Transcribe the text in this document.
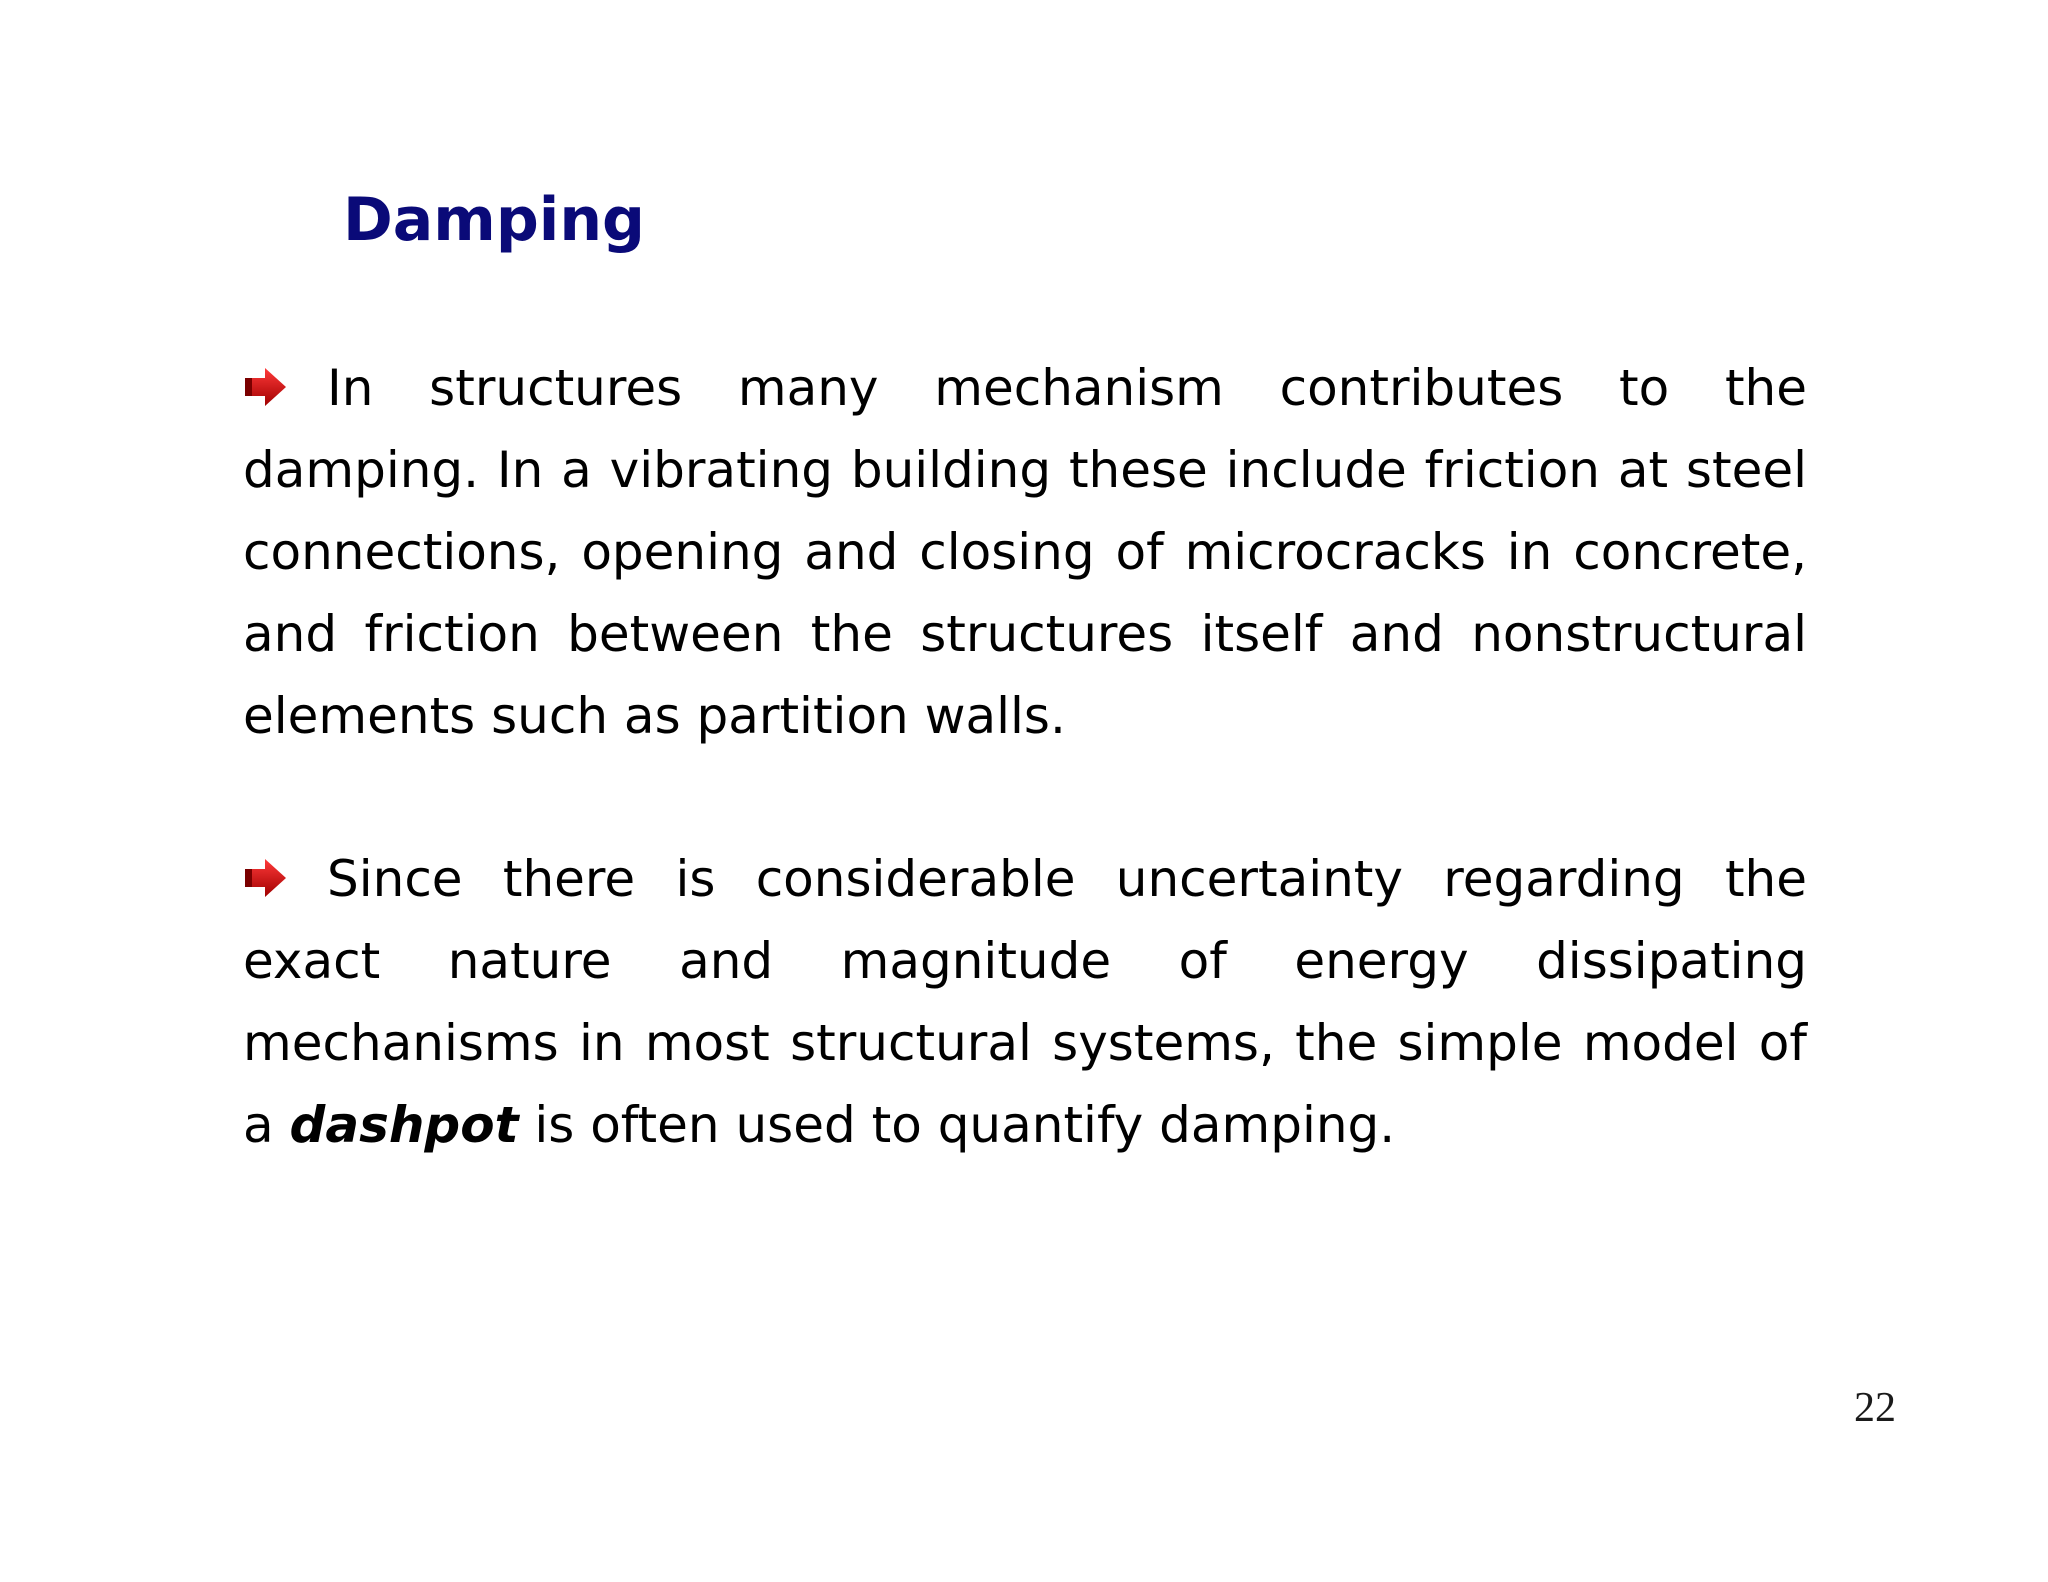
Damping

In structures many mechanism contributes to the damping. In a vibrating building these include friction at steel connections, opening and closing of microcracks in concrete, and friction between the structures itself and nonstructural elements such as partition walls.

Since there is considerable uncertainty regarding the exact nature and magnitude of energy dissipating mechanisms in most structural systems, the simple model of a dashpot is often used to quantify damping.

22
